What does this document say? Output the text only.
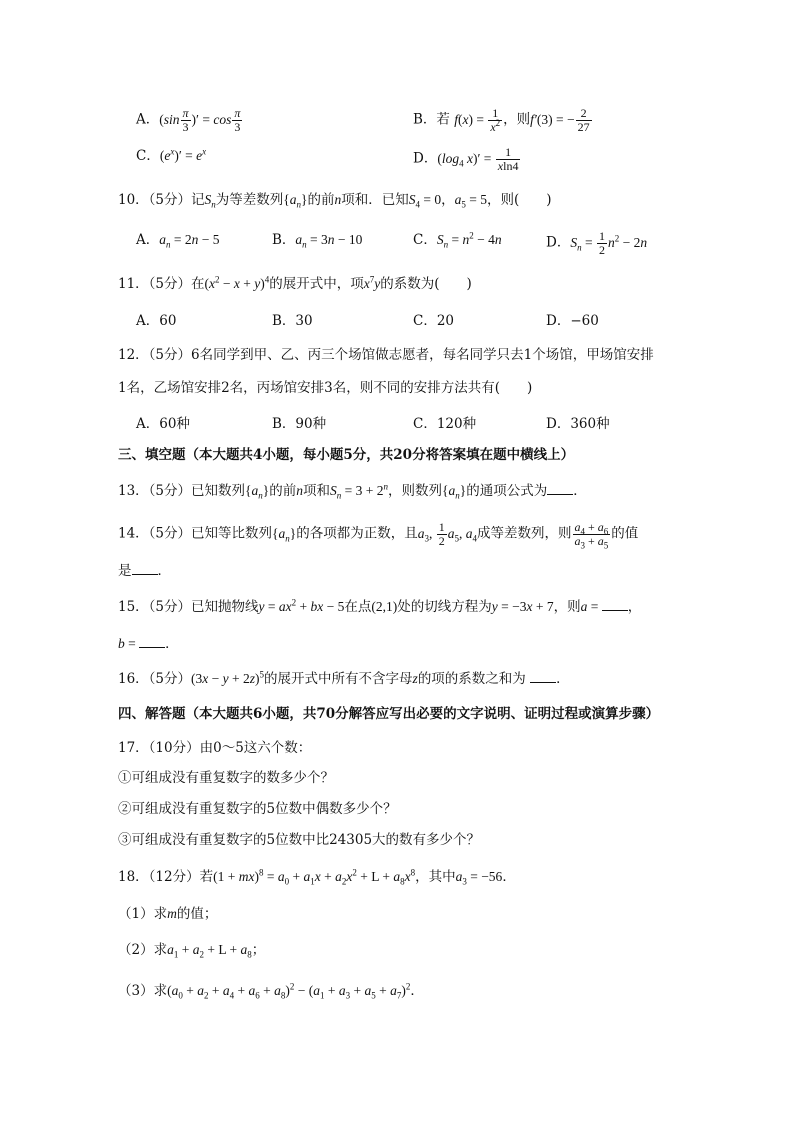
A．($\sin \frac{\pi}{3}$ )′ = $\cos \frac{\pi}{3}$	B．若 $f(x) = \frac{1}{x^2}$ ，则f′(3) = − $\frac{2}{27}$
C．$(e^x)' = e^x$	D．($\log_4$ $x)' = \frac{1}{xln4}$
10．（5分）记$S_n$为等差数列$\{a_n\}$的前n项和．已知$S_4 = 0$，$a_5 = 5$，则(　　)
A．$a_n = 2n - 5$	B．$a_n = 3n - 10$	C．$S_n = n^2 - 4n$	D．$S_n = \frac{1}{2} n^2 - 2n$
11．（5分）在$(x^2 - x + y)^4$的展开式中，项$x^7y$的系数为(　　)
A．60	B．30	C．20	D．−60
12．（5分）6名同学到甲、乙、丙三个场馆做志愿者，每名同学只去1个场馆，甲场馆安排
1名，乙场馆安排2名，丙场馆安排3名，则不同的安排方法共有(　　)
A．60种	B．90种	C．120种	D．360种
三、填空题（本大题共4小题，每小题5分，共20分将答案填在题中横线上）
13．（5分）已知数列$\{a_n\}$的前n项和$S_n = 3 + 2^n$，则数列$\{a_n\}$的通项公式为 ．
14．（5分）已知等比数列$\{a_n\}$的各项都为正数，且$a_3$, $\frac{1}{2} a_5$, $a_4$成等差数列，则 $\frac{a_4 + a_6}{a_3 + a_5}$ 的值
是 ．
15．（5分）已知抛物线$y = ax^2$ + bx − 5在点(2,1)处的切线方程为y = −3x + 7，则a = ，
b = ．
16．（5分）$(3x - y + 2z)^5$的展开式中所有不含字母z的项的系数之和为 ．
四、解答题（本大题共6小题，共70分解答应写出必要的文字说明、证明过程或演算步骤）
17．（10分）由0～5这六个数：
①可组成没有重复数字的数多少个？
②可组成没有重复数字的5位数中偶数多少个？
③可组成没有重复数字的5位数中比24305大的数有多少个？
18．（12分）若$(1 + mx)^8 = a_0 + a_1x + a_2x^2 + L + a_8x^8$，其中$a_3 = -56$．
（1）求m的值；
（2）求$a_1 + a_2 + L + a_8$；
（3）求$(a_0 + a_2 + a_4 + a_6 + a_8)^2 - (a_1 + a_3 + a_5 + a_7)^2$．
